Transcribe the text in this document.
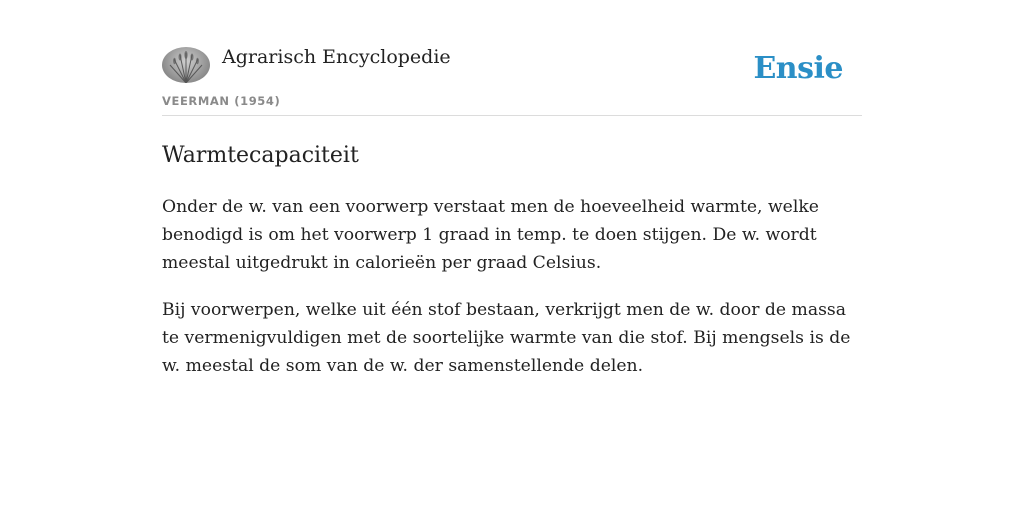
Agrarisch Encyclopedie
VEERMAN (1954)
Ensie
Warmtecapaciteit

Onder de w. van een voorwerp verstaat men de hoeveelheid warmte, welke benodigd is om het voorwerp 1 graad in temp. te doen stijgen. De w. wordt meestal uitgedrukt in calorieën per graad Celsius.

Bij voorwerpen, welke uit één stof bestaan, verkrijgt men de w. door de massa te vermenigvuldigen met de soortelijke warmte van die stof. Bij mengsels is de w. meestal de som van de w. der samenstellende delen.
